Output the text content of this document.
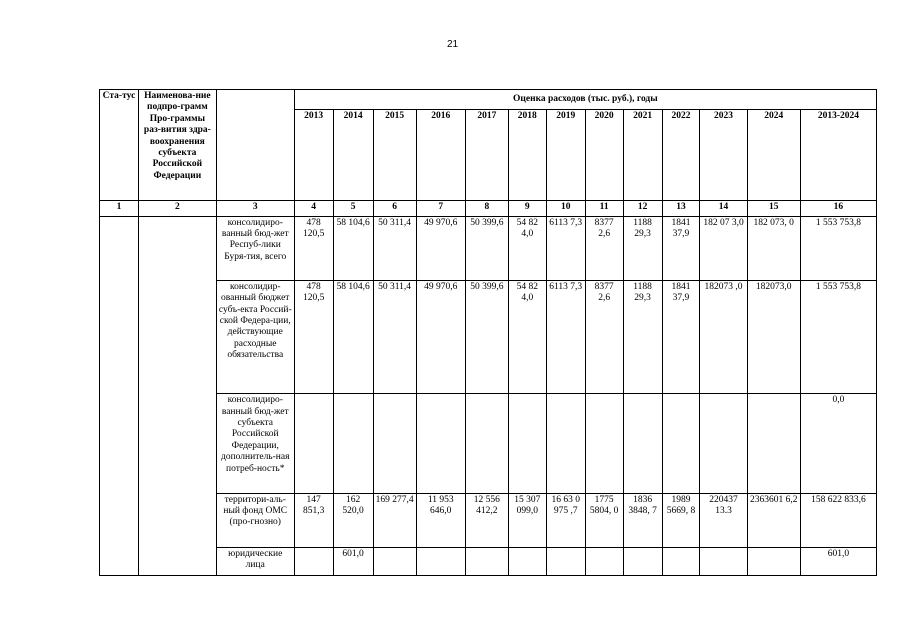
21
Ста-тус	Наименова-ние подпро-грамм Про-граммы раз-вития здра-воохранения субъекта Российской Федерации		Оценка расходов (тыс. руб.), годы												
			2013	2014	2015	2016	2017	2018	2019	2020	2021	2022	2023	2024	2013-2024
1	2	3	4	5	6	7	8	9	10	11	12	13	14	15	16
		консолидиро-ванный бюд-жет Респуб-лики Буря-тия, всего	478 120,5	58 104,6	50 311,4	49 970,6	50 399,6	54 82 4,0	6113 7,3	8377 2,6	1188 29,3	1841 37,9	182 07 3,0	182 073, 0	1 553 753,8
		консолидир-ованный бюджет субъ-екта Россий-ской Федера-ции, действующие расходные обязательства	478 120,5	58 104,6	50 311,4	49 970,6	50 399,6	54 82 4,0	6113 7,3	8377 2,6	1188 29,3	1841 37,9	182073 ,0	182073,0	1 553 753,8
		консолидиро-ванный бюд-жет субъекта Российской Федерации, дополнитель-ная потреб-ность*													0,0
		территори-аль-ный фонд ОМС (про-гнозно)	147 851,3	162 520,0	169 277,4	11 953 646,0	12 556 412,2	15 307 099,0	16 63 0 975 ,7	1775 5804, 0	1836 3848, 7	1989 5669, 8	220437 13.3	2363601 6,2	158 622 833,6
		юридические лица		601,0											601,0
